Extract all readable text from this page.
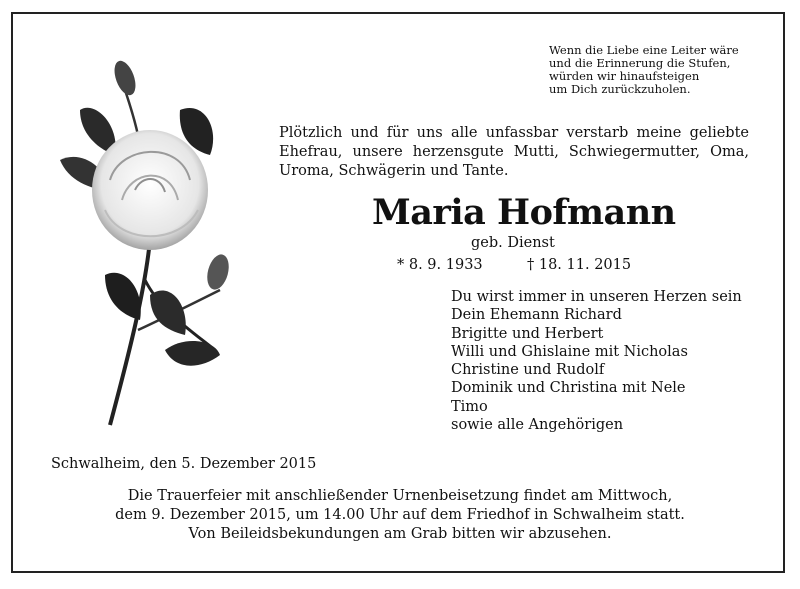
Wenn die Liebe eine Leiter wäre
und die Erinnerung die Stufen,
würden wir hinaufsteigen
um Dich zurückzuholen.
Plötzlich und für uns alle unfassbar verstarb meine geliebte Ehefrau, unsere herzensgute Mutti, Schwiegermutter, Oma, Uroma, Schwägerin und Tante.
Maria Hofmann
geb. Dienst
* 8. 9. 1933	† 18. 11. 2015
Du wirst immer in unseren Herzen sein
Dein Ehemann Richard
Brigitte und Herbert
Willi und Ghislaine mit Nicholas
Christine und Rudolf
Dominik und Christina mit Nele
Timo
sowie alle Angehörigen
Schwalheim, den 5. Dezember 2015
Die Trauerfeier mit anschließender Urnenbeisetzung findet am Mittwoch,
dem 9. Dezember 2015, um 14.00 Uhr auf dem Friedhof in Schwalheim statt.
Von Beileidsbekundungen am Grab bitten wir abzusehen.
